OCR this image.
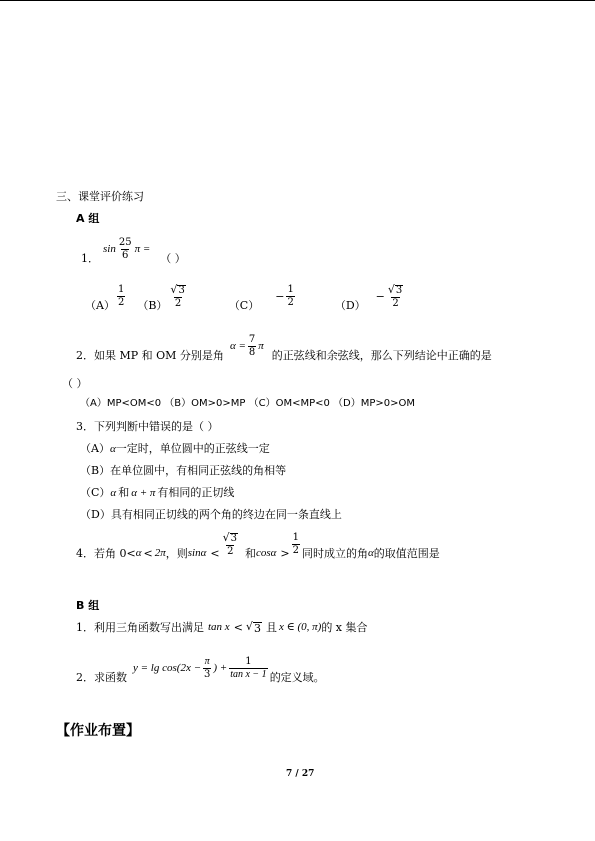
三、课堂评价练习
A 组
1．
$\sin \frac{25}{6}$ π =
（ ）
$(A) \frac{1}{2} (B) \frac{√ 3}{2}$	（C）
− $\frac{1}{2}$	（D）
− $\frac{√ 3}{2}$
2．如果 MP 和 OM 分别是角
$\alpha = \frac{7}{8}$ π
的正弦线和余弦线，那么下列结论中正确的是
（ ）
（A）MP<OM<0 （B）OM>0>MP （C）OM<MP<0 （D）MP>0>OM
3．下列判断中错误的是（ ）
（A）α一定时，单位圆中的正弦线一定
（B）在单位圆中，有相同正弦线的角相等
（C）α 和 α + π 有相同的正切线
（D）具有相同正切线的两个角的终边在同一条直线上
4．若角 0< α < 2π ，则 $\sin\alpha < \frac{√ 3}{2}$ 和 $\cos\alpha > \frac{1}{2}$ 同时成立的角 α 的取值范围是
B 组
1．利用三角函数写出满足 tan x < √ 3 且 x ∈ (0, π) 的 x 集合
2．求函数
$y = \lg \cos(2x - \frac{\pi}{3}$ ) + $\frac{1}{\text{tan x − 1}}$ 的定义域。
【作业布置】
7 / 27
